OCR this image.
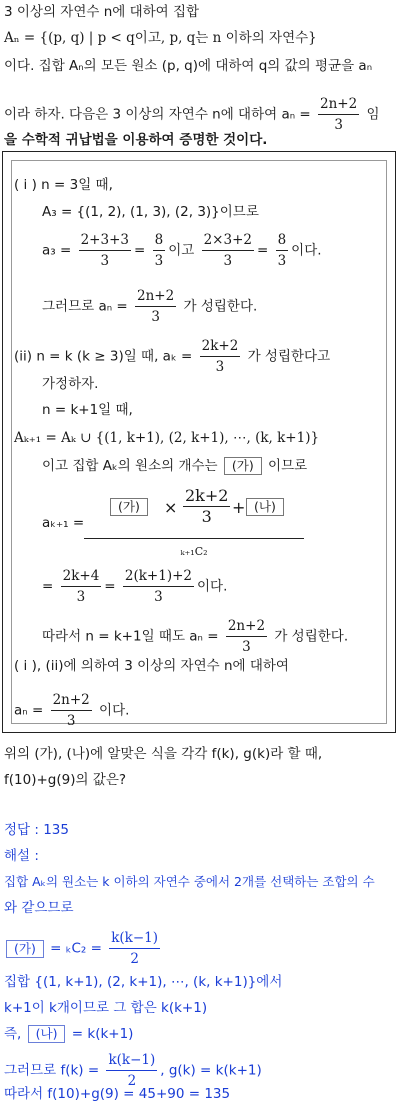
3 이상의 자연수 n에 대하여 집합
Aₙ = {(p, q) | p < q이고, p, q는 n 이하의 자연수}
이다. 집합 Aₙ의 모든 원소 (p, q)에 대하여 q의 값의 평균을 aₙ
이라 하자. 다음은 3 이상의 자연수 n에 대하여 $a_n = \frac{2n+2}{3}$ 임
을 수학적 귀납법을 이용하여 증명한 것이다.
( i ) n = 3일 때,
A₃ = {(1, 2), (1, 3), (2, 3)}이므로
$a_3 = \frac{2+3+3}{3} = \frac{8}{3}$ 이고 $\frac{2\times 3+2}{3} = \frac{8}{3}$ 이다.
그러므로 $a_n = \frac{2n+2}{3}$ 가 성립한다.
(ii) n = k (k ≥ 3)일 때, $a_k = \frac{2k+2}{3}$ 가 성립한다고
가정하자.
n = k+1일 때,
Aₖ₊₁ = Aₖ ∪ {(1, k+1), (2, k+1), ⋯, (k, k+1)}
이고 집합 Aₖ의 원소의 개수는 (가) 이므로
aₖ₊₁ =
(가)	× $\frac{2k+2}{3}$ + (나)
ₖ₊₁C₂
= $\frac{2k+4}{3} = \frac{2(k+1)+2}{3}$ 이다.
따라서 n = k+1일 때도 $a_n = \frac{2n+2}{3}$ 가 성립한다.
( i ), (ii)에 의하여 3 이상의 자연수 n에 대하여
$a_n = \frac{2n+2}{3}$ 이다.
위의 (가), (나)에 알맞은 식을 각각 f(k), g(k)라 할 때,
f(10)+g(9)의 값은?
정답 : 135
해설 :
집합 Aₖ의 원소는 k 이하의 자연수 중에서 2개를 선택하는 조합의 수
와 같으므로
(가) = $_kC_2 = \frac{k(k-1)}{2}$
집합 {(1, k+1), (2, k+1), ⋯, (k, k+1)}에서
k+1이 k개이므로 그 합은 k(k+1)
즉, (나) = k(k+1)
그러므로 $f(k) = \frac{k(k-1)}{2}$ , g(k) = k(k+1)
따라서 f(10)+g(9) = 45+90 = 135
